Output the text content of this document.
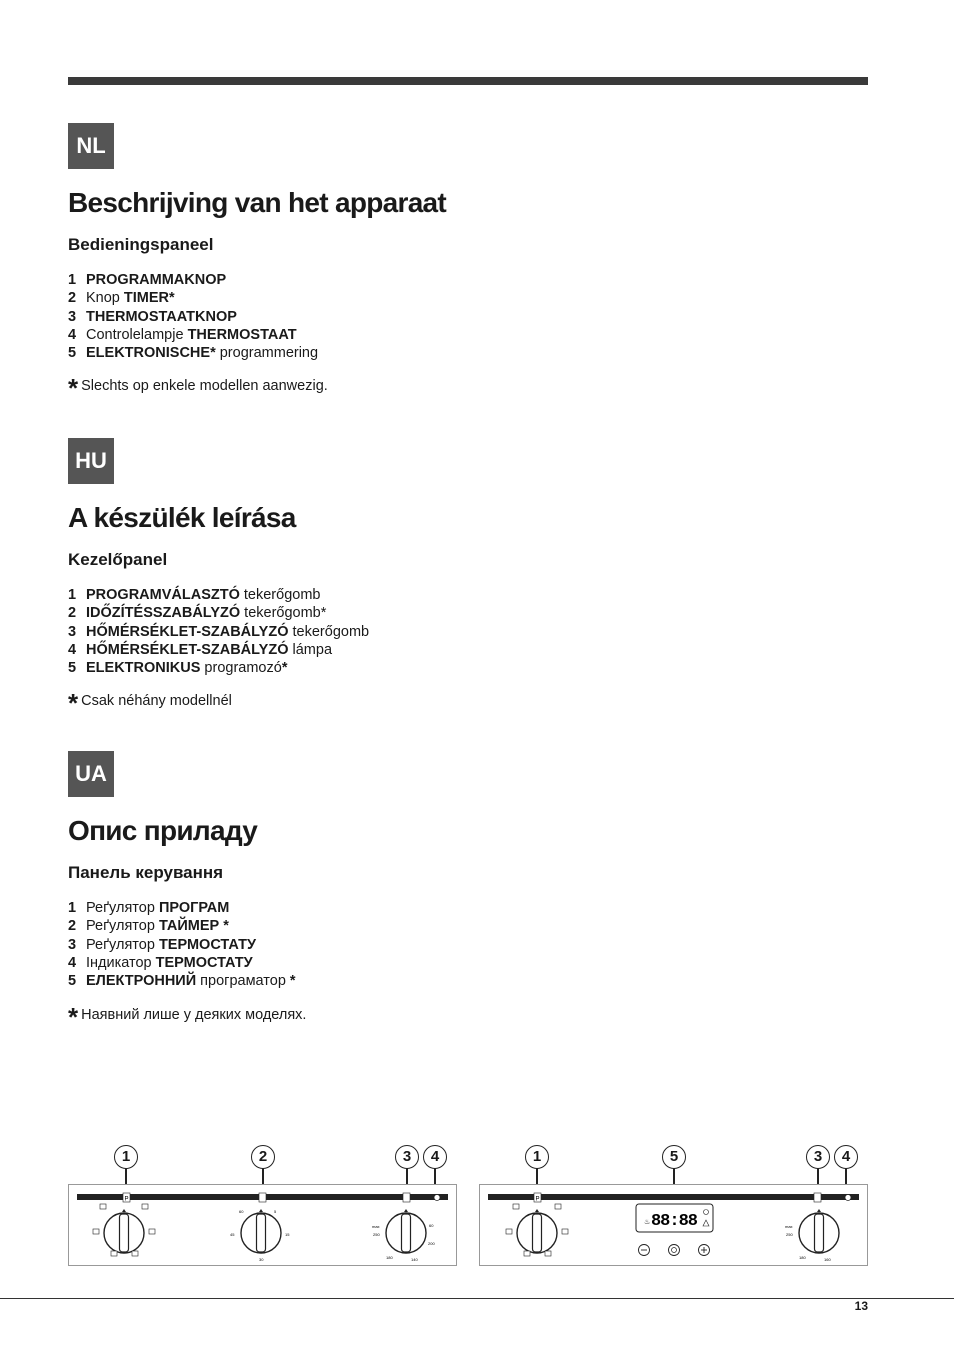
NL
Beschrijving van het apparaat
Bedieningspaneel
1 PROGRAMMAKNOP
2 Knop TIMER*
3 THERMOSTAATKNOP
4 Controlelampje THERMOSTAAT
5 ELEKTRONISCHE* programmering
* Slechts op enkele modellen aanwezig.
HU
A készülék leírása
Kezelőpanel
1 PROGRAMVÁLASZTÓ tekerőgomb
2 IDŐZÍTÉSSZABÁLYZÓ tekerőgomb*
3 HŐMÉRSÉKLET-SZABÁLYZÓ tekerőgomb
4 HŐMÉRSÉKLET-SZABÁLYZÓ lámpa
5 ELEKTRONIKUS programozó*
* Csak néhány modellnél
UA
Опис приладу
Панель керування
1 Реґулятор ПРОГРАМ
2 Реґулятор ТАЙМЕР *
3 Реґулятор ТЕРМОСТАТУ
4 Індикатор ТЕРМОСТАТУ
5 ЕЛЕКТРОННИЙ програматор *
* Наявний лише у деяких моделях.
1	2	3	4	1	5	3	4
P
5
15
30
45
60
max
250
60
200
180	140
P
♨ 88:88	max
250
180	160
13
